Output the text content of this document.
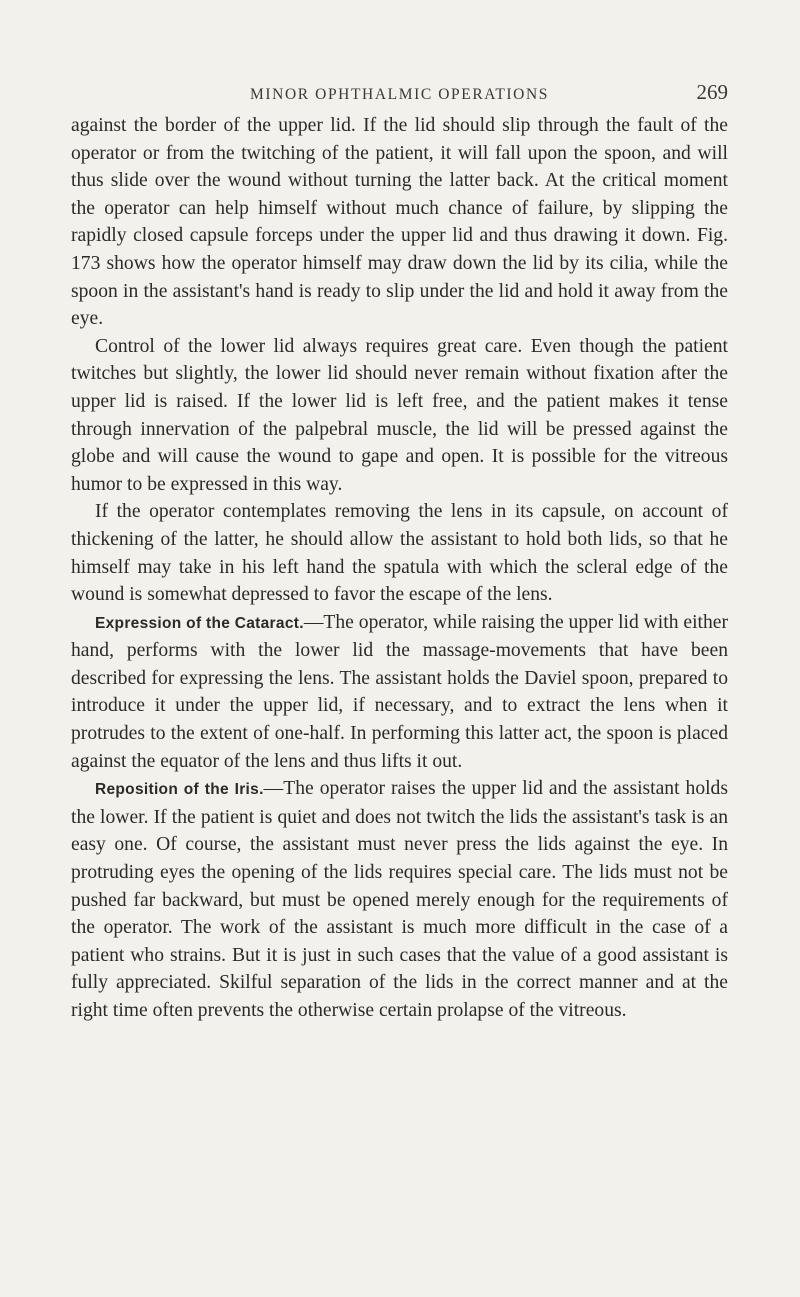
MINOR OPHTHALMIC OPERATIONS	269

against the border of the upper lid. If the lid should slip through the fault of the operator or from the twitching of the patient, it will fall upon the spoon, and will thus slide over the wound without turning the latter back. At the critical moment the operator can help himself without much chance of failure, by slipping the rapidly closed capsule forceps under the upper lid and thus drawing it down. Fig. 173 shows how the operator himself may draw down the lid by its cilia, while the spoon in the assistant's hand is ready to slip under the lid and hold it away from the eye.

Control of the lower lid always requires great care. Even though the patient twitches but slightly, the lower lid should never remain without fixation after the upper lid is raised. If the lower lid is left free, and the patient makes it tense through innervation of the palpebral muscle, the lid will be pressed against the globe and will cause the wound to gape and open. It is possible for the vitreous humor to be expressed in this way.

If the operator contemplates removing the lens in its capsule, on account of thickening of the latter, he should allow the assistant to hold both lids, so that he himself may take in his left hand the spatula with which the scleral edge of the wound is somewhat depressed to favor the escape of the lens.

Expression of the Cataract.—The operator, while raising the upper lid with either hand, performs with the lower lid the massage-movements that have been described for expressing the lens. The assistant holds the Daviel spoon, prepared to introduce it under the upper lid, if necessary, and to extract the lens when it protrudes to the extent of one-half. In performing this latter act, the spoon is placed against the equator of the lens and thus lifts it out.

Reposition of the Iris.—The operator raises the upper lid and the assistant holds the lower. If the patient is quiet and does not twitch the lids the assistant's task is an easy one. Of course, the assistant must never press the lids against the eye. In protruding eyes the opening of the lids requires special care. The lids must not be pushed far backward, but must be opened merely enough for the requirements of the operator. The work of the assistant is much more difficult in the case of a patient who strains. But it is just in such cases that the value of a good assistant is fully appreciated. Skilful separation of the lids in the correct manner and at the right time often prevents the otherwise certain prolapse of the vitreous.
